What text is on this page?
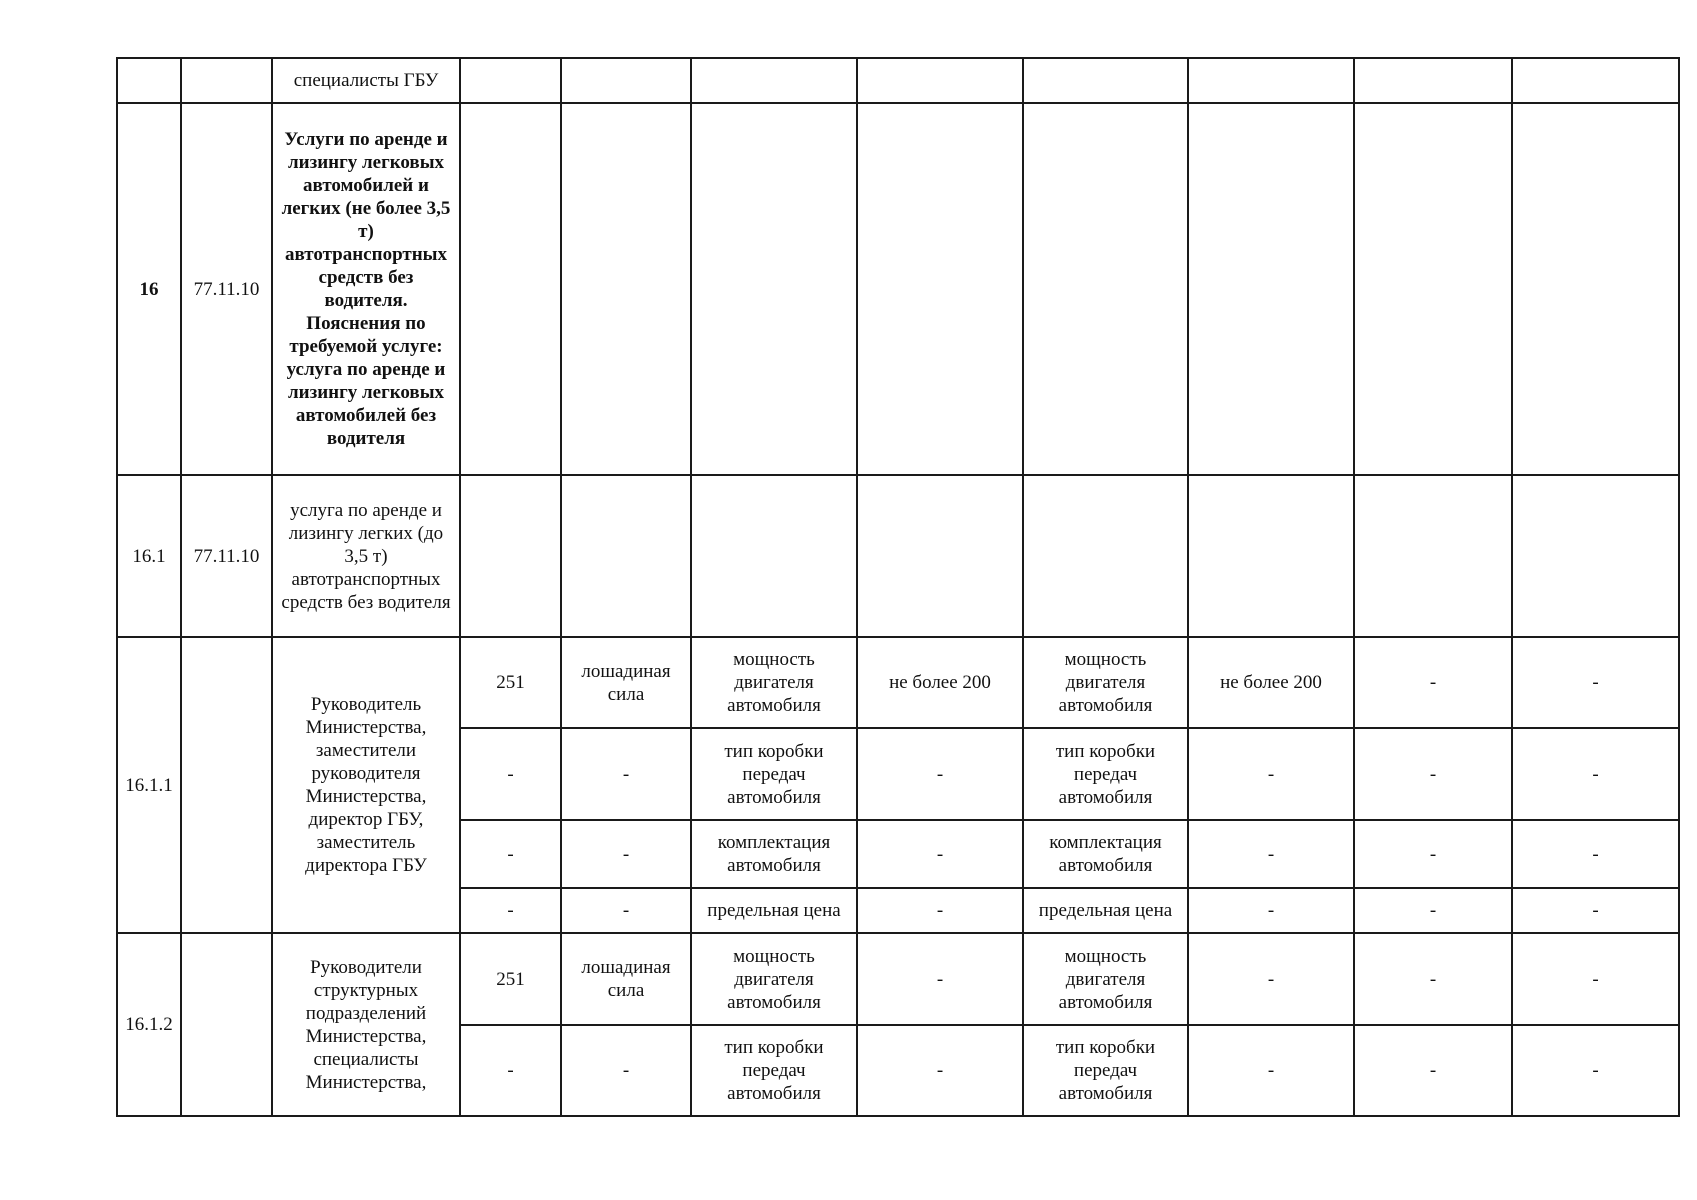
		специалисты ГБУ								
16	77.11.10	Услуги по аренде и лизингу легковых автомобилей и легких (не более 3,5 т) автотранспортных средств без водителя. Пояснения по требуемой услуге: услуга по аренде и лизингу легковых автомобилей без водителя								
16.1	77.11.10	услуга по аренде и лизингу легких (до 3,5 т) автотранспортных средств без водителя								
16.1.1		Руководитель Министерства, заместители руководителя Министерства, директор ГБУ, заместитель директора ГБУ	251	лошадиная сила	мощность двигателя автомобиля	не более 200	мощность двигателя автомобиля	не более 200	-	-
			-	-	тип коробки передач автомобиля	-	тип коробки передач автомобиля	-	-	-
			-	-	комплектация автомобиля	-	комплектация автомобиля	-	-	-
			-	-	предельная цена	-	предельная цена	-	-	-
16.1.2		Руководители структурных подразделений Министерства, специалисты Министерства,	251	лошадиная сила	мощность двигателя автомобиля	-	мощность двигателя автомобиля	-	-	-
			-	-	тип коробки передач автомобиля	-	тип коробки передач автомобиля	-	-	-
